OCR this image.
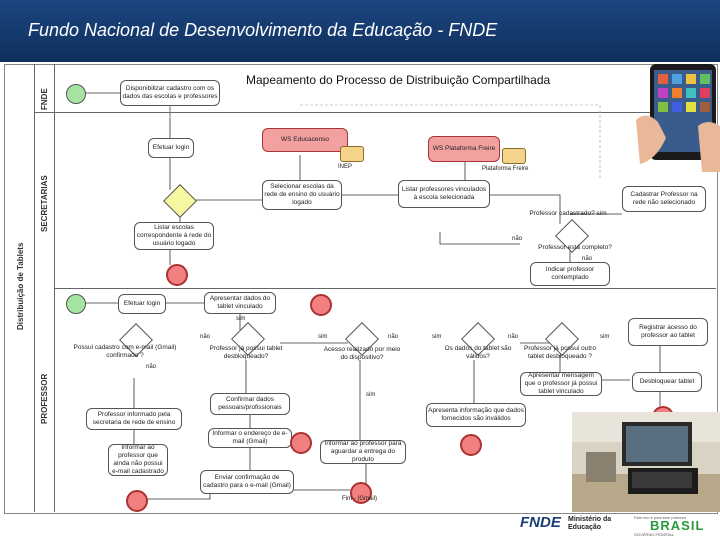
Fundo Nacional de Desenvolvimento da Educação - FNDE
FNDE
SECRETARIAS
PROFESSOR
Distribuição de Tablets
Mapeamento do Processo de Distribuição Compartilhada
Disponibilizar cadastro com os dados das escolas e professores
Efetuar login
WS Educacenso
INEP
WS Plataforma Freire
Plataforma Freire
Selecionar escolas da rede de ensino do usuário logado
Listar professores vinculados à escola selecionada
Listar escolas correspondente à rede do usuário logado
Cadastrar Professor na rede não selecionado
Professor cadastrado? sim
Professor está completo?
não
não
Indicar professor contemplado
Efetuar login
Apresentar dados do tablet vinculado
sim
não
Possui cadastro com e-mail (Gmail) confirmado ?
Professor já possui tablet desbloqueado?
Acesso realizado por meio do dispositivo?
Os dados do tablet são válidos?
Professor já possui outro tablet desbloqueado ?
Registrar acesso do professor ao tablet
não
sim	não	sim	não	sim
sim
Confirmar dados pessoais/profissionais
Apresentar mensagem que o professor já possui tablet vinculado
Desbloquear tablet
Professor informado pela secretaria de rede de ensino
Informar o endereço de e-mail (Gmail)
Apresenta informação que dados fornecidos são inválidos
Informar ao professor que ainda não possui e-mail cadastrado
Informar ao professor para aguardar a entrega do produto
Enviar confirmação de cadastro para o e-mail (Gmail)
Fim - (Gmail)
FNDE Ministério da Educação
País rico é país sem pobreza
BRASIL
GOVERNO FEDERAL
